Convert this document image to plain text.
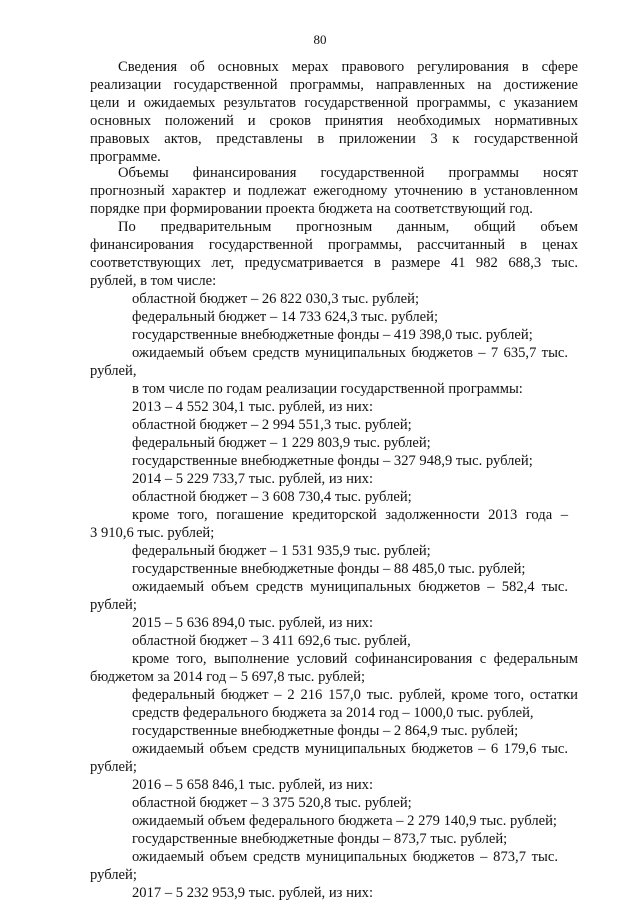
80
Сведения об основных мерах правового регулирования в сфере
реализации государственной программы, направленных на достижение
цели и ожидаемых результатов государственной программы, с указанием
основных положений и сроков принятия необходимых нормативных
правовых актов, представлены в приложении 3 к государственной
программе.
Объемы финансирования государственной программы носят
прогнозный характер и подлежат ежегодному уточнению в установленном
порядке при формировании проекта бюджета на соответствующий год.
По предварительным прогнозным данным, общий объем
финансирования государственной программы, рассчитанный в ценах
соответствующих лет, предусматривается в размере 41 982 688,3 тыс.
рублей, в том числе:
областной бюджет – 26 822 030,3 тыс. рублей;
федеральный бюджет – 14 733 624,3 тыс. рублей;
государственные внебюджетные фонды – 419 398,0 тыс. рублей;
ожидаемый объем средств муниципальных бюджетов – 7 635,7 тыс.
рублей,
в том числе по годам реализации государственной программы:
2013 – 4 552 304,1 тыс. рублей, из них:
областной бюджет – 2 994 551,3 тыс. рублей;
федеральный бюджет – 1 229 803,9 тыс. рублей;
государственные внебюджетные фонды – 327 948,9 тыс. рублей;
2014 – 5 229 733,7 тыс. рублей, из них:
областной бюджет – 3 608 730,4 тыс. рублей;
кроме того, погашение кредиторской задолженности 2013 года –
3 910,6 тыс. рублей;
федеральный бюджет – 1 531 935,9 тыс. рублей;
государственные внебюджетные фонды – 88 485,0 тыс. рублей;
ожидаемый объем средств муниципальных бюджетов – 582,4 тыс.
рублей;
2015 – 5 636 894,0 тыс. рублей, из них:
областной бюджет – 3 411 692,6 тыс. рублей,
кроме того, выполнение условий софинансирования с федеральным
бюджетом за 2014 год – 5 697,8 тыс. рублей;
федеральный бюджет – 2 216 157,0 тыс. рублей, кроме того, остатки
средств федерального бюджета за 2014 год – 1000,0 тыс. рублей,
государственные внебюджетные фонды – 2 864,9 тыс. рублей;
ожидаемый объем средств муниципальных бюджетов – 6 179,6 тыс.
рублей;
2016 – 5 658 846,1 тыс. рублей, из них:
областной бюджет – 3 375 520,8 тыс. рублей;
ожидаемый объем федерального бюджета – 2 279 140,9 тыс. рублей;
государственные внебюджетные фонды – 873,7 тыс. рублей;
ожидаемый объем средств муниципальных бюджетов – 873,7 тыс.
рублей;
2017 – 5 232 953,9 тыс. рублей, из них:
